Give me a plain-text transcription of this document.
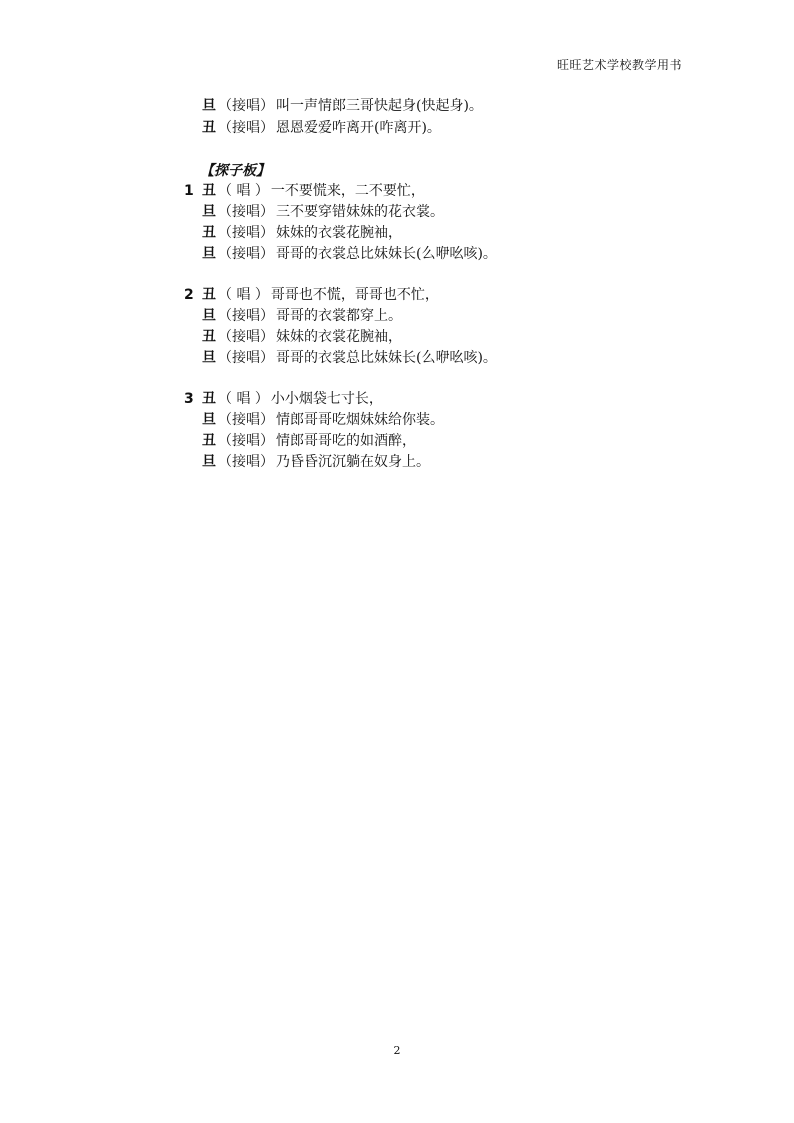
旺旺艺术学校教学用书
旦 （接唱） 叫一声情郎三哥快起身(快起身)。
丑 （接唱） 恩恩爱爱咋离开(咋离开)。
【探子板】
1 丑 （ 唱 ） 一不要慌来，二不要忙，
旦 （接唱） 三不要穿错妹妹的花衣裳。
丑 （接唱） 妹妹的衣裳花腕袖，
旦 （接唱） 哥哥的衣裳总比妹妹长(么咿吆咳)。
2 丑 （ 唱 ） 哥哥也不慌，哥哥也不忙，
旦 （接唱） 哥哥的衣裳都穿上。
丑 （接唱） 妹妹的衣裳花腕袖，
旦 （接唱） 哥哥的衣裳总比妹妹长(么咿吆咳)。
3 丑 （ 唱 ） 小小烟袋七寸长，
旦 （接唱） 情郎哥哥吃烟妹妹给你装。
丑 （接唱） 情郎哥哥吃的如酒醉，
旦 （接唱） 乃昏昏沉沉躺在奴身上。
2
